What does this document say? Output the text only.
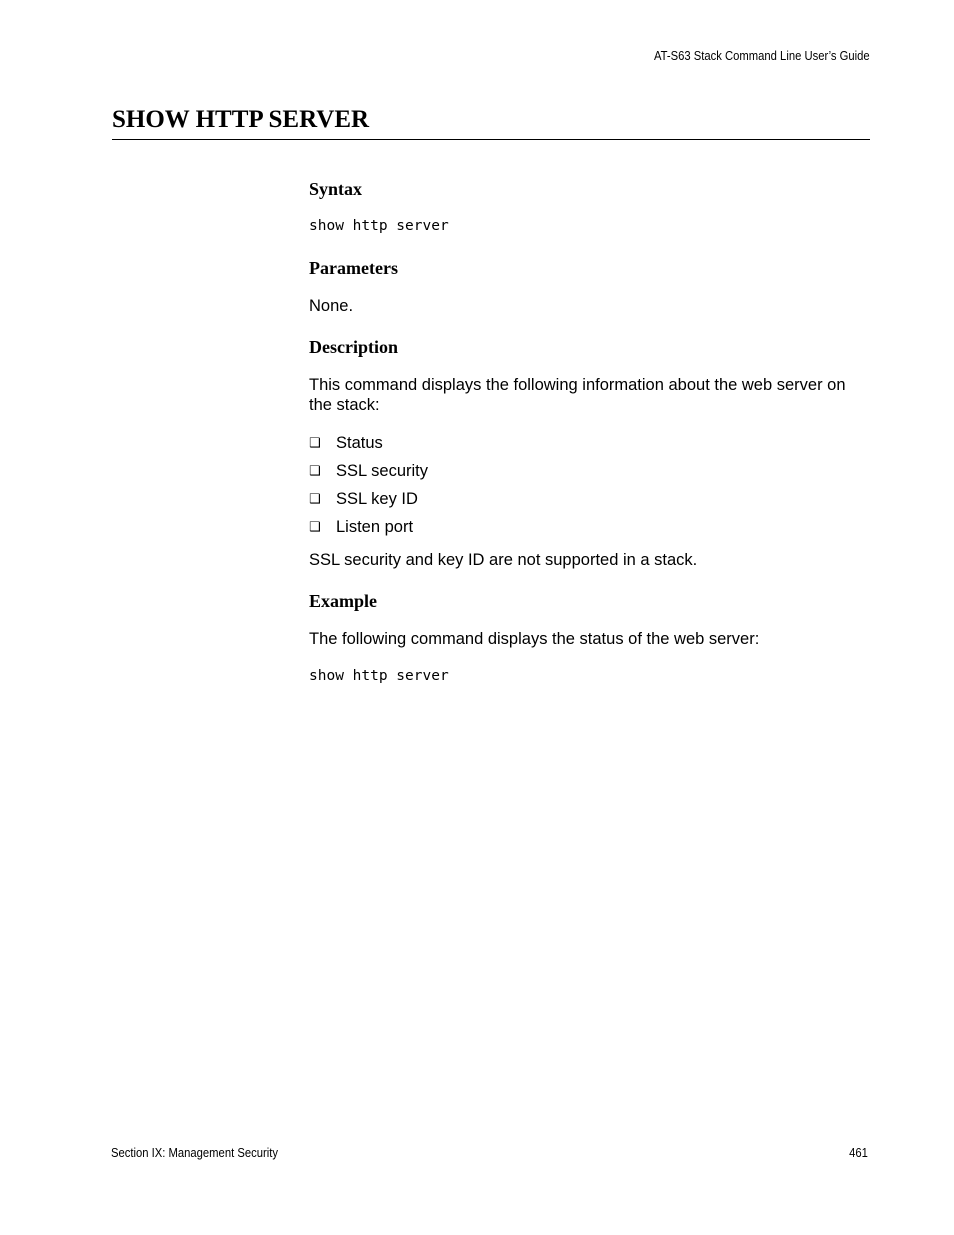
AT-S63 Stack Command Line User’s Guide
SHOW HTTP SERVER
Syntax
show http server
Parameters

None.

Description

This command displays the following information about the web server on the stack:

❑ Status
❑ SSL security
❑ SSL key ID
❑ Listen port

SSL security and key ID are not supported in a stack.

Example

The following command displays the status of the web server:

show http server
Section IX: Management Security	461
